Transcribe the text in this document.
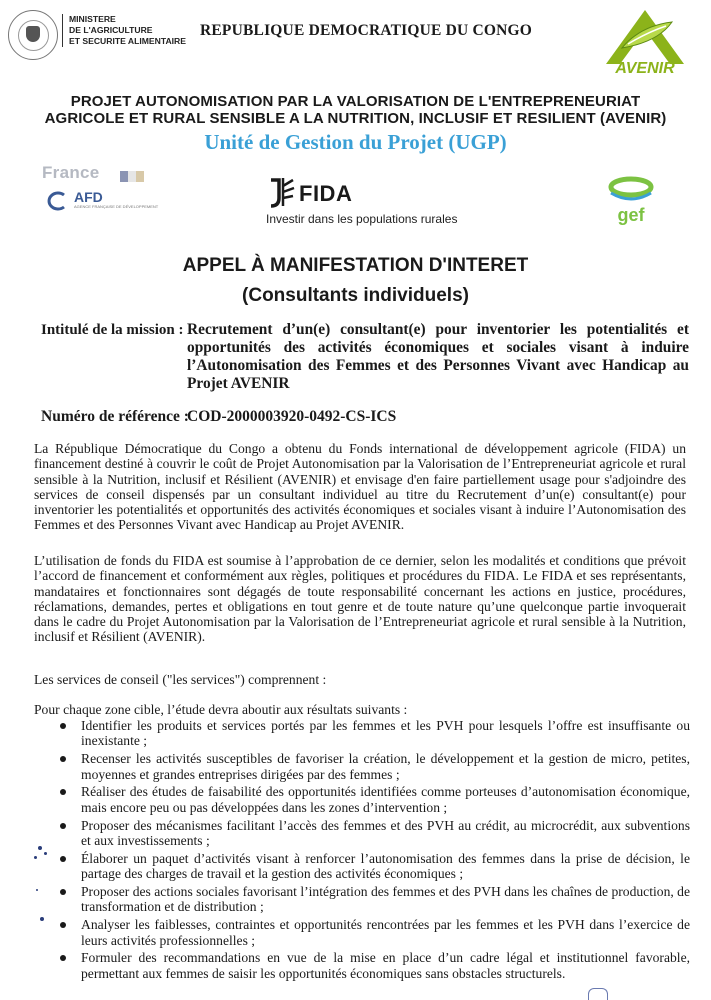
MINISTERE
DE L'AGRICULTURE
ET SECURITE ALIMENTAIRE
REPUBLIQUE DEMOCRATIQUE DU CONGO
AVENIR
PROJET AUTONOMISATION PAR LA VALORISATION DE L'ENTREPRENEURIAT
AGRICOLE ET RURAL SENSIBLE A LA NUTRITION, INCLUSIF ET RESILIENT (AVENIR)
Unité de Gestion du Projet (UGP)
France
AFD
AGENCE FRANÇAISE DE DÉVELOPPEMENT
FIDA
Investir dans les populations rurales	gef
APPEL À MANIFESTATION D'INTERET
(Consultants individuels)
Intitulé de la mission : Recrutement d’un(e) consultant(e) pour inventorier les potentialités et opportunités des activités économiques et sociales visant à induire l’Autonomisation des Femmes et des Personnes Vivant avec Handicap au Projet AVENIR
Numéro de référence :
COD-2000003920-0492-CS-ICS
La République Démocratique du Congo a obtenu du Fonds international de développement agricole (FIDA) un financement destiné à couvrir le coût de Projet Autonomisation par la Valorisation de l’Entrepreneuriat agricole et rural sensible à la Nutrition, inclusif et Résilient (AVENIR) et envisage d'en faire partiellement usage pour s'adjoindre des services de conseil dispensés par un consultant individuel au titre du Recrutement d’un(e) consultant(e) pour inventorier les potentialités et opportunités des activités économiques et sociales visant à induire l’Autonomisation des Femmes et des Personnes Vivant avec Handicap au Projet AVENIR.
L’utilisation de fonds du FIDA est soumise à l’approbation de ce dernier, selon les modalités et conditions que prévoit l’accord de financement et conformément aux règles, politiques et procédures du FIDA. Le FIDA et ses représentants, mandataires et fonctionnaires sont dégagés de toute responsabilité concernant les actions en justice, procédures, réclamations, demandes, pertes et obligations en tout genre et de toute nature qu’une quelconque partie invoquerait dans le cadre du Projet Autonomisation par la Valorisation de l’Entrepreneuriat agricole et rural sensible à la Nutrition, inclusif et Résilient (AVENIR).
Les services de conseil ("les services") comprennent :
Pour chaque zone cible, l’étude devra aboutir aux résultats suivants :
Identifier les produits et services portés par les femmes et les PVH pour lesquels l’offre est insuffisante ou inexistante ;
Recenser les activités susceptibles de favoriser la création, le développement et la gestion de micro, petites, moyennes et grandes entreprises dirigées par des femmes ;
Réaliser des études de faisabilité des opportunités identifiées comme porteuses d’autonomisation économique, mais encore peu ou pas développées dans les zones d’intervention ;
Proposer des mécanismes facilitant l’accès des femmes et des PVH au crédit, au microcrédit, aux subventions et aux investissements ;
Élaborer un paquet d’activités visant à renforcer l’autonomisation des femmes dans la prise de décision, le partage des charges de travail et la gestion des activités économiques ;
Proposer des actions sociales favorisant l’intégration des femmes et des PVH dans les chaînes de production, de transformation et de distribution ;
Analyser les faiblesses, contraintes et opportunités rencontrées par les femmes et les PVH dans l’exercice de leurs activités professionnelles ;
Formuler des recommandations en vue de la mise en place d’un cadre légal et institutionnel favorable, permettant aux femmes de saisir les opportunités économiques sans obstacles structurels.
